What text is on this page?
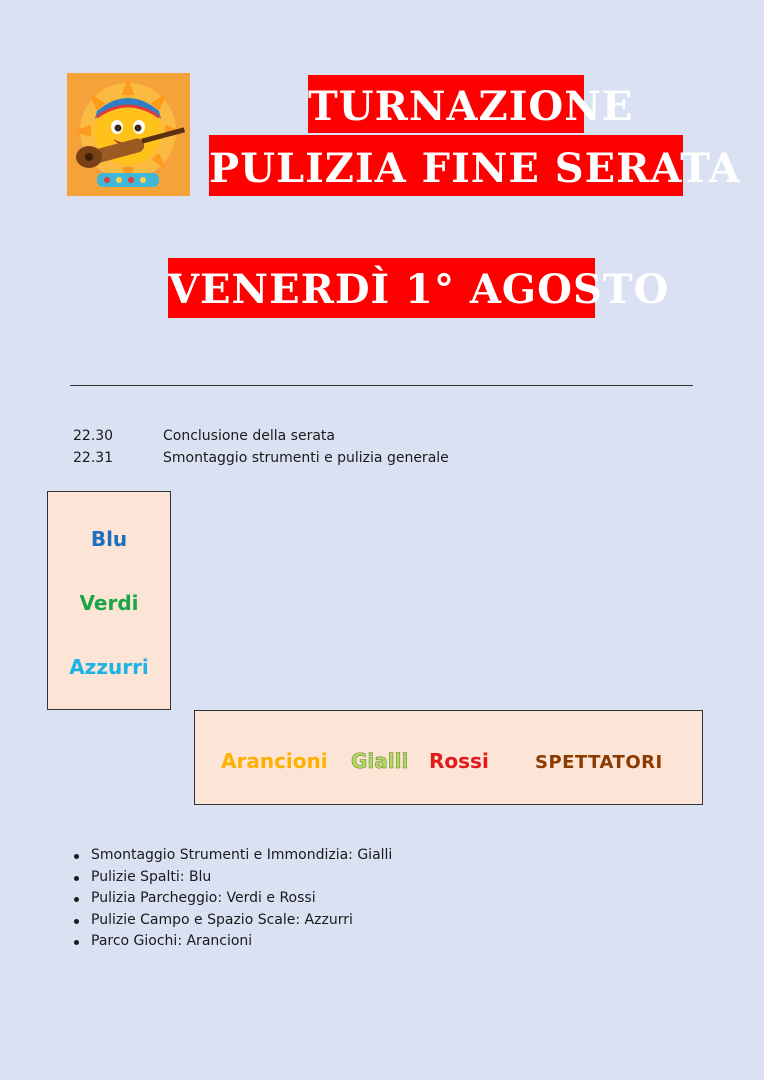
TURNAZIONE
PULIZIA FINE SERATA
VENERDÌ 1° AGOSTO
22.30	Conclusione della serata
22.31	Smontaggio strumenti e pulizia generale
Blu
Verdi
Azzurri
Arancioni Gialli Rossi	SPETTATORI
Smontaggio Strumenti e Immondizia: Gialli
Pulizie Spalti: Blu
Pulizia Parcheggio: Verdi e Rossi
Pulizie Campo e Spazio Scale: Azzurri
Parco Giochi: Arancioni
